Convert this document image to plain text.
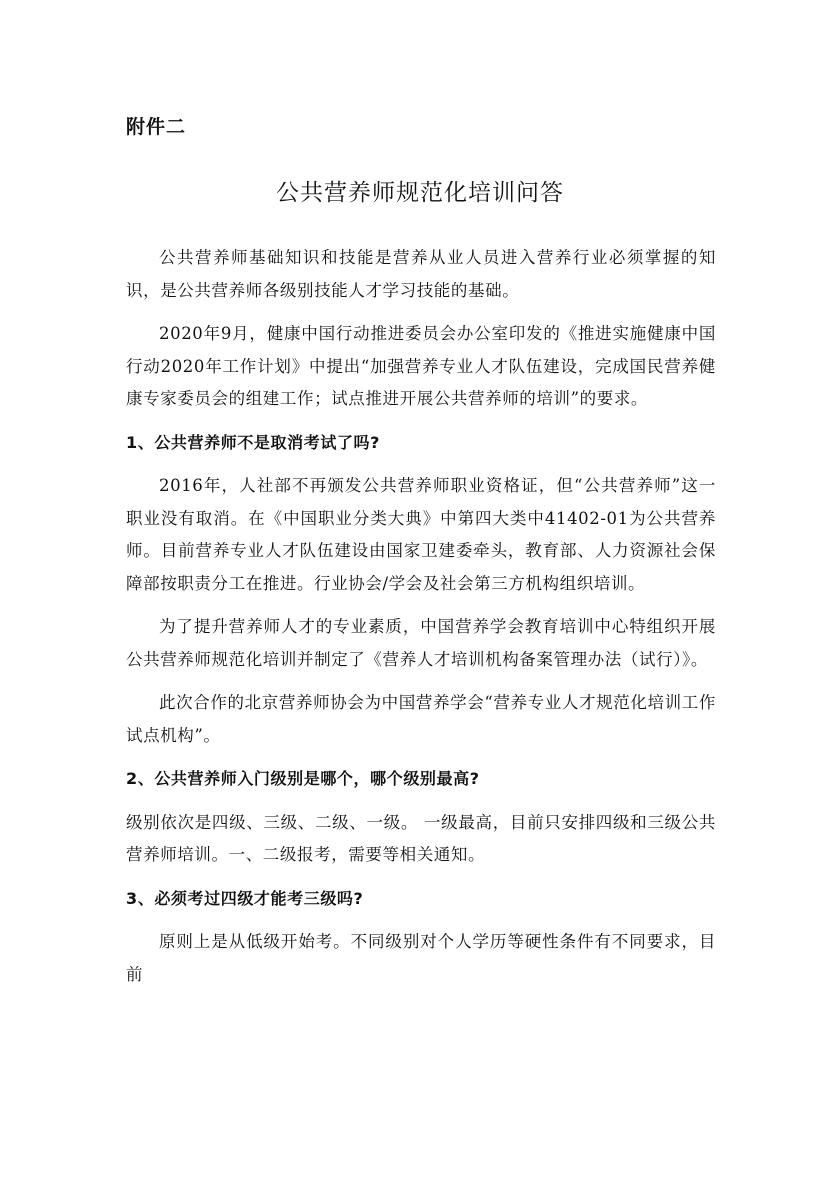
附件二
公共营养师规范化培训问答

公共营养师基础知识和技能是营养从业人员进入营养行业必须掌握的知识，是公共营养师各级别技能人才学习技能的基础。

2020年9月，健康中国行动推进委员会办公室印发的《推进实施健康中国行动2020年工作计划》中提出“加强营养专业人才队伍建设，完成国民营养健康专家委员会的组建工作；试点推进开展公共营养师的培训”的要求。

1、公共营养师不是取消考试了吗?

2016年，人社部不再颁发公共营养师职业资格证，但“公共营养师”这一职业没有取消。在《中国职业分类大典》中第四大类中41402-01为公共营养师。目前营养专业人才队伍建设由国家卫建委牵头，教育部、人力资源社会保障部按职责分工在推进。行业协会/学会及社会第三方机构组织培训。

为了提升营养师人才的专业素质，中国营养学会教育培训中心特组织开展公共营养师规范化培训并制定了《营养人才培训机构备案管理办法（试行）》。

此次合作的北京营养师协会为中国营养学会“营养专业人才规范化培训工作试点机构”。

2、公共营养师入门级别是哪个，哪个级别最高?

级别依次是四级、三级、二级、一级。 一级最高，目前只安排四级和三级公共营养师培训。一、二级报考，需要等相关通知。

3、必须考过四级才能考三级吗?

原则上是从低级开始考。不同级别对个人学历等硬性条件有不同要求，目前
